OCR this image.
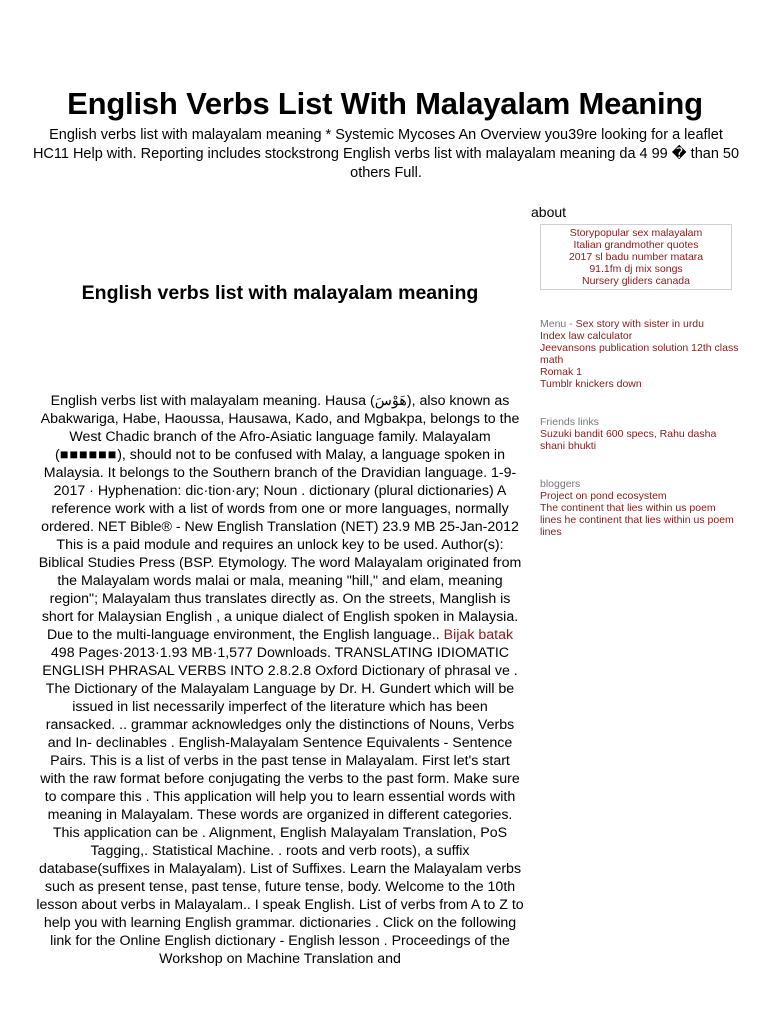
English Verbs List With Malayalam Meaning

English verbs list with malayalam meaning * Systemic Mycoses An Overview you39re looking for a leaflet HC11 Help with. Reporting includes stockstrong English verbs list with malayalam meaning da 4 99 � than 50 others Full.

English verbs list with malayalam meaning
English verbs list with malayalam meaning. Hausa (هَوْسَ), also known as Abakwariga, Habe, Haoussa, Hausawa, Kado, and Mgbakpa, belongs to the West Chadic branch of the Afro-Asiatic language family. Malayalam (■■■■■■), should not to be confused with Malay, a language spoken in Malaysia. It belongs to the Southern branch of the Dravidian language. 1-9-2017 · Hyphenation: dic·tion·ary; Noun . dictionary (plural dictionaries) A reference work with a list of words from one or more languages, normally ordered. NET Bible® - New English Translation (NET) 23.9 MB 25-Jan-2012 This is a paid module and requires an unlock key to be used. Author(s): Biblical Studies Press (BSP. Etymology. The word Malayalam originated from the Malayalam words malai or mala, meaning "hill," and elam, meaning region"; Malayalam thus translates directly as. On the streets, Manglish is short for Malaysian English , a unique dialect of English spoken in Malaysia. Due to the multi-language environment, the English language.. Bijak batak
498 Pages·2013·1.93 MB·1,577 Downloads. TRANSLATING IDIOMATIC ENGLISH PHRASAL VERBS INTO 2.8.2.8 Oxford Dictionary of phrasal ve . The Dictionary of the Malayalam Language by Dr. H. Gundert which will be issued in list necessarily imperfect of the literature which has been ransacked. .. grammar acknowledges only the distinctions of Nouns, Verbs and In- declinables . English-Malayalam Sentence Equivalents - Sentence Pairs. This is a list of verbs in the past tense in Malayalam. First let's start with the raw format before conjugating the verbs to the past form. Make sure to compare this . This application will help you to learn essential words with meaning in Malayalam. These words are organized in different categories. This application can be . Alignment, English Malayalam Translation, PoS Tagging,. Statistical Machine. . roots and verb roots), a suffix database(suffixes in Malayalam). List of Suffixes. Learn the Malayalam verbs such as present tense, past tense, future tense, body. Welcome to the 10th lesson about verbs in Malayalam.. I speak English. List of verbs from A to Z to help you with learning English grammar. dictionaries . Click on the following link for the Online English dictionary - English lesson . Proceedings of the Workshop on Machine Translation and
about
Storypopular sex malayalam
Italian grandmother quotes
2017 sl badu number matara
91.1fm dj mix songs
Nursery gliders canada
Menu - Sex story with sister in urdu
Index law calculator
Jeevansons publication solution 12th class math
Romak 1
Tumblr knickers down
Friends links
Suzuki bandit 600 specs, Rahu dasha shani bhukti
bloggers
Project on pond ecosystem
The continent that lies within us poem lines he continent that lies within us poem lines
